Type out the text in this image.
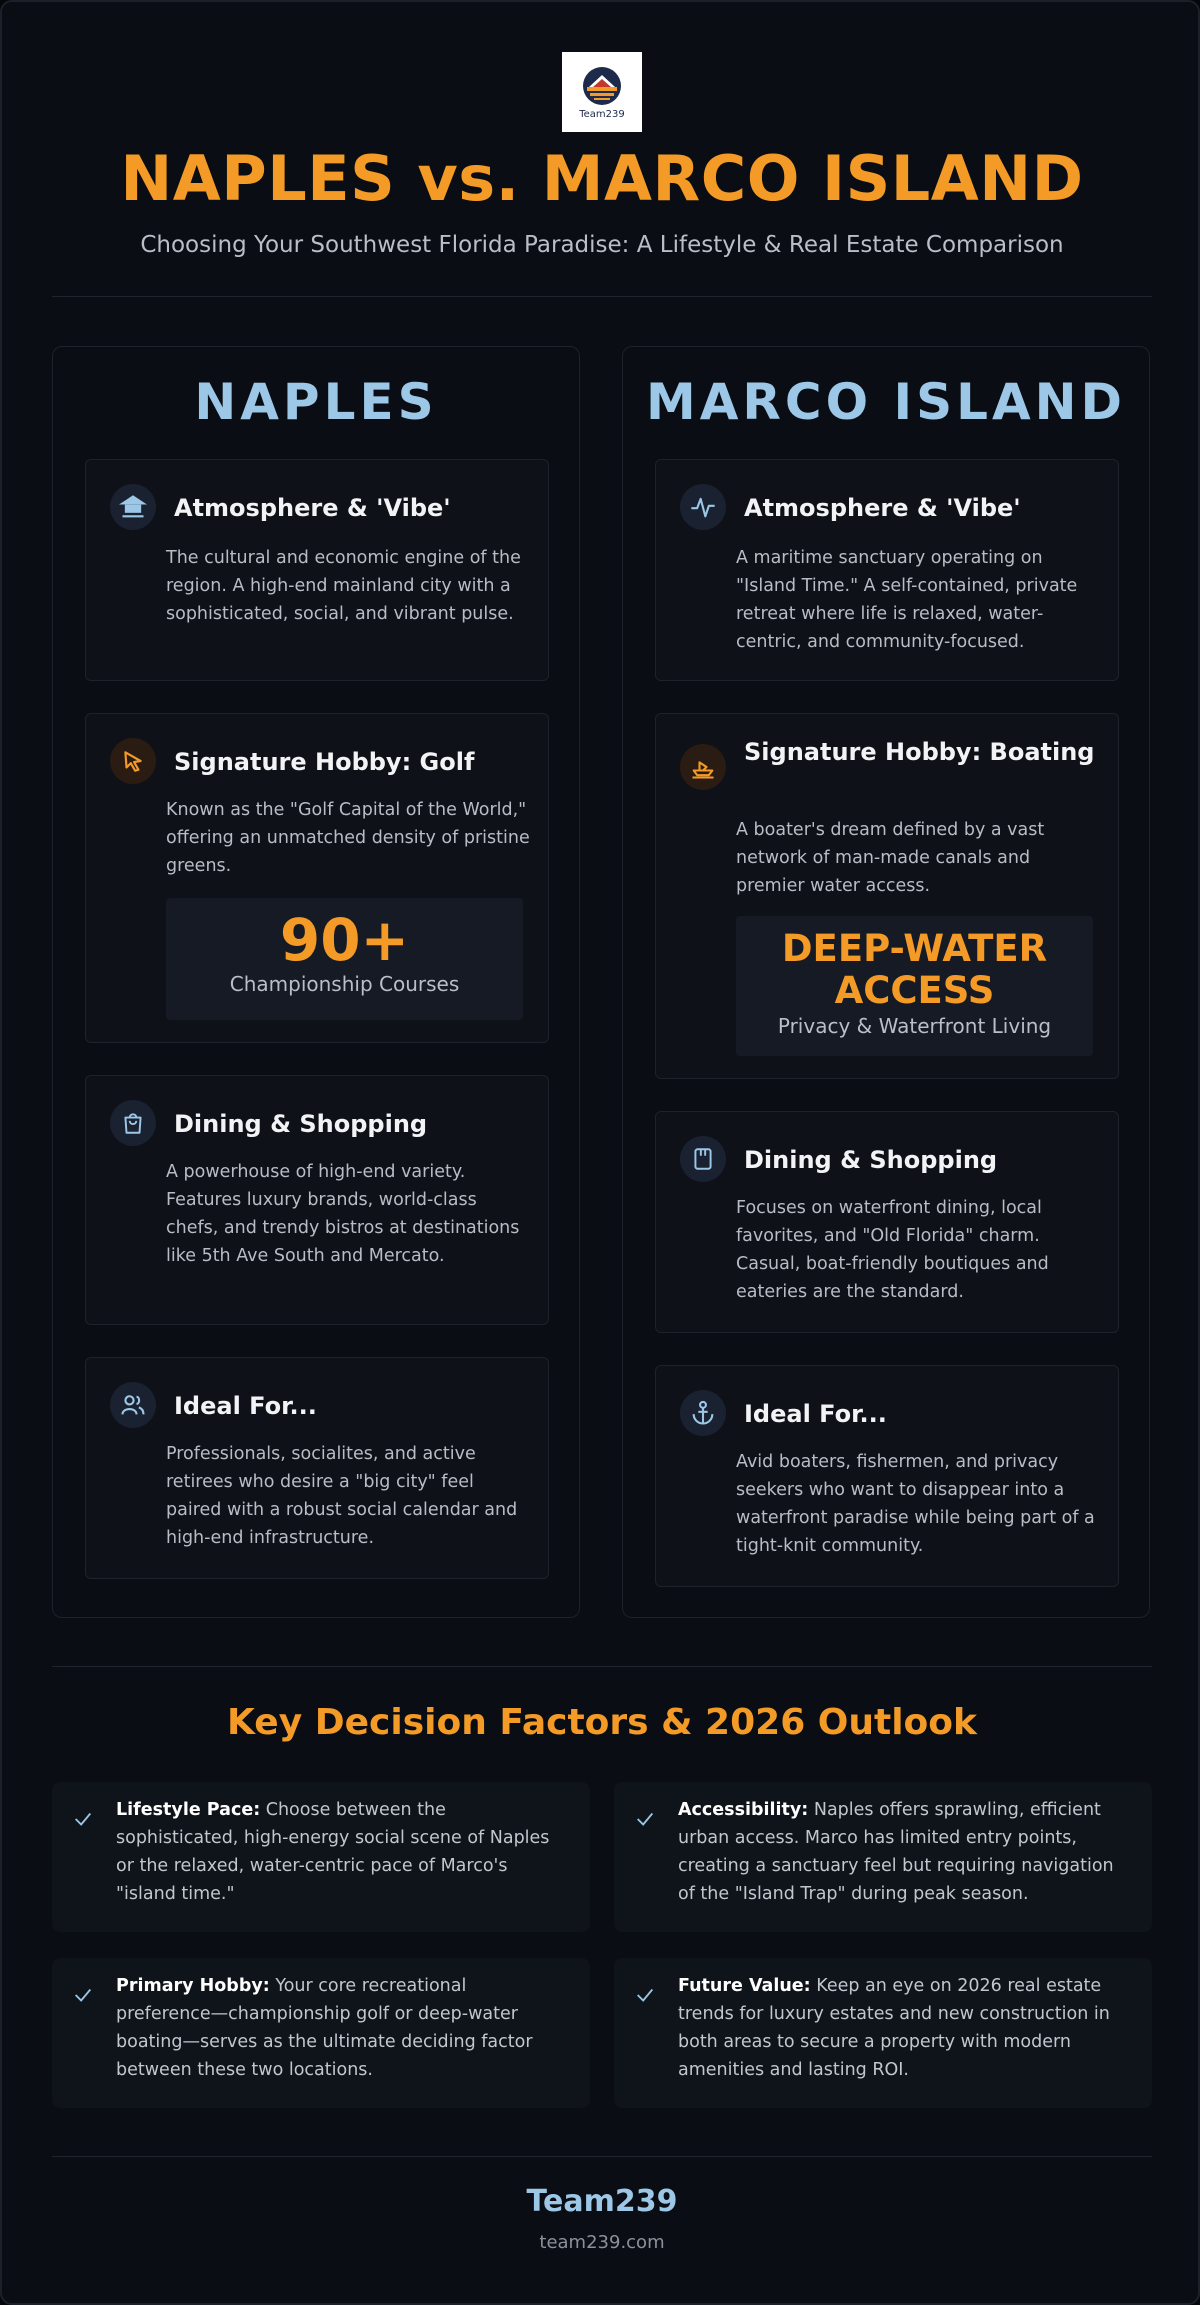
Team239
NAPLES vs. MARCO ISLAND
Choosing Your Southwest Florida Paradise: A Lifestyle & Real Estate Comparison
NAPLES
Atmosphere & 'Vibe'
The cultural and economic engine of the region. A high-end mainland city with a sophisticated, social, and vibrant pulse.
Signature Hobby: Golf
Known as the "Golf Capital of the World," offering an unmatched density of pristine greens.
90+
Championship Courses
Dining & Shopping
A powerhouse of high-end variety. Features luxury brands, world-class chefs, and trendy bistros at destinations like 5th Ave South and Mercato.
Ideal For...
Professionals, socialites, and active retirees who desire a "big city" feel paired with a robust social calendar and high-end infrastructure.
MARCO ISLAND
Atmosphere & 'Vibe'
A maritime sanctuary operating on "Island Time." A self-contained, private retreat where life is relaxed, water-centric, and community-focused.
Signature Hobby: Boating
A boater's dream defined by a vast network of man-made canals and premier water access.
DEEP-WATER
ACCESS
Privacy & Waterfront Living
Dining & Shopping
Focuses on waterfront dining, local favorites, and "Old Florida" charm. Casual, boat-friendly boutiques and eateries are the standard.
Ideal For...
Avid boaters, fishermen, and privacy seekers who want to disappear into a waterfront paradise while being part of a tight-knit community.
Key Decision Factors & 2026 Outlook
Lifestyle Pace: Choose between the sophisticated, high-energy social scene of Naples or the relaxed, water-centric pace of Marco's "island time."
Accessibility: Naples offers sprawling, efficient urban access. Marco has limited entry points, creating a sanctuary feel but requiring navigation of the "Island Trap" during peak season.
Primary Hobby: Your core recreational preference—championship golf or deep-water boating—serves as the ultimate deciding factor between these two locations.
Future Value: Keep an eye on 2026 real estate trends for luxury estates and new construction in both areas to secure a property with modern amenities and lasting ROI.
Team239
team239.com
